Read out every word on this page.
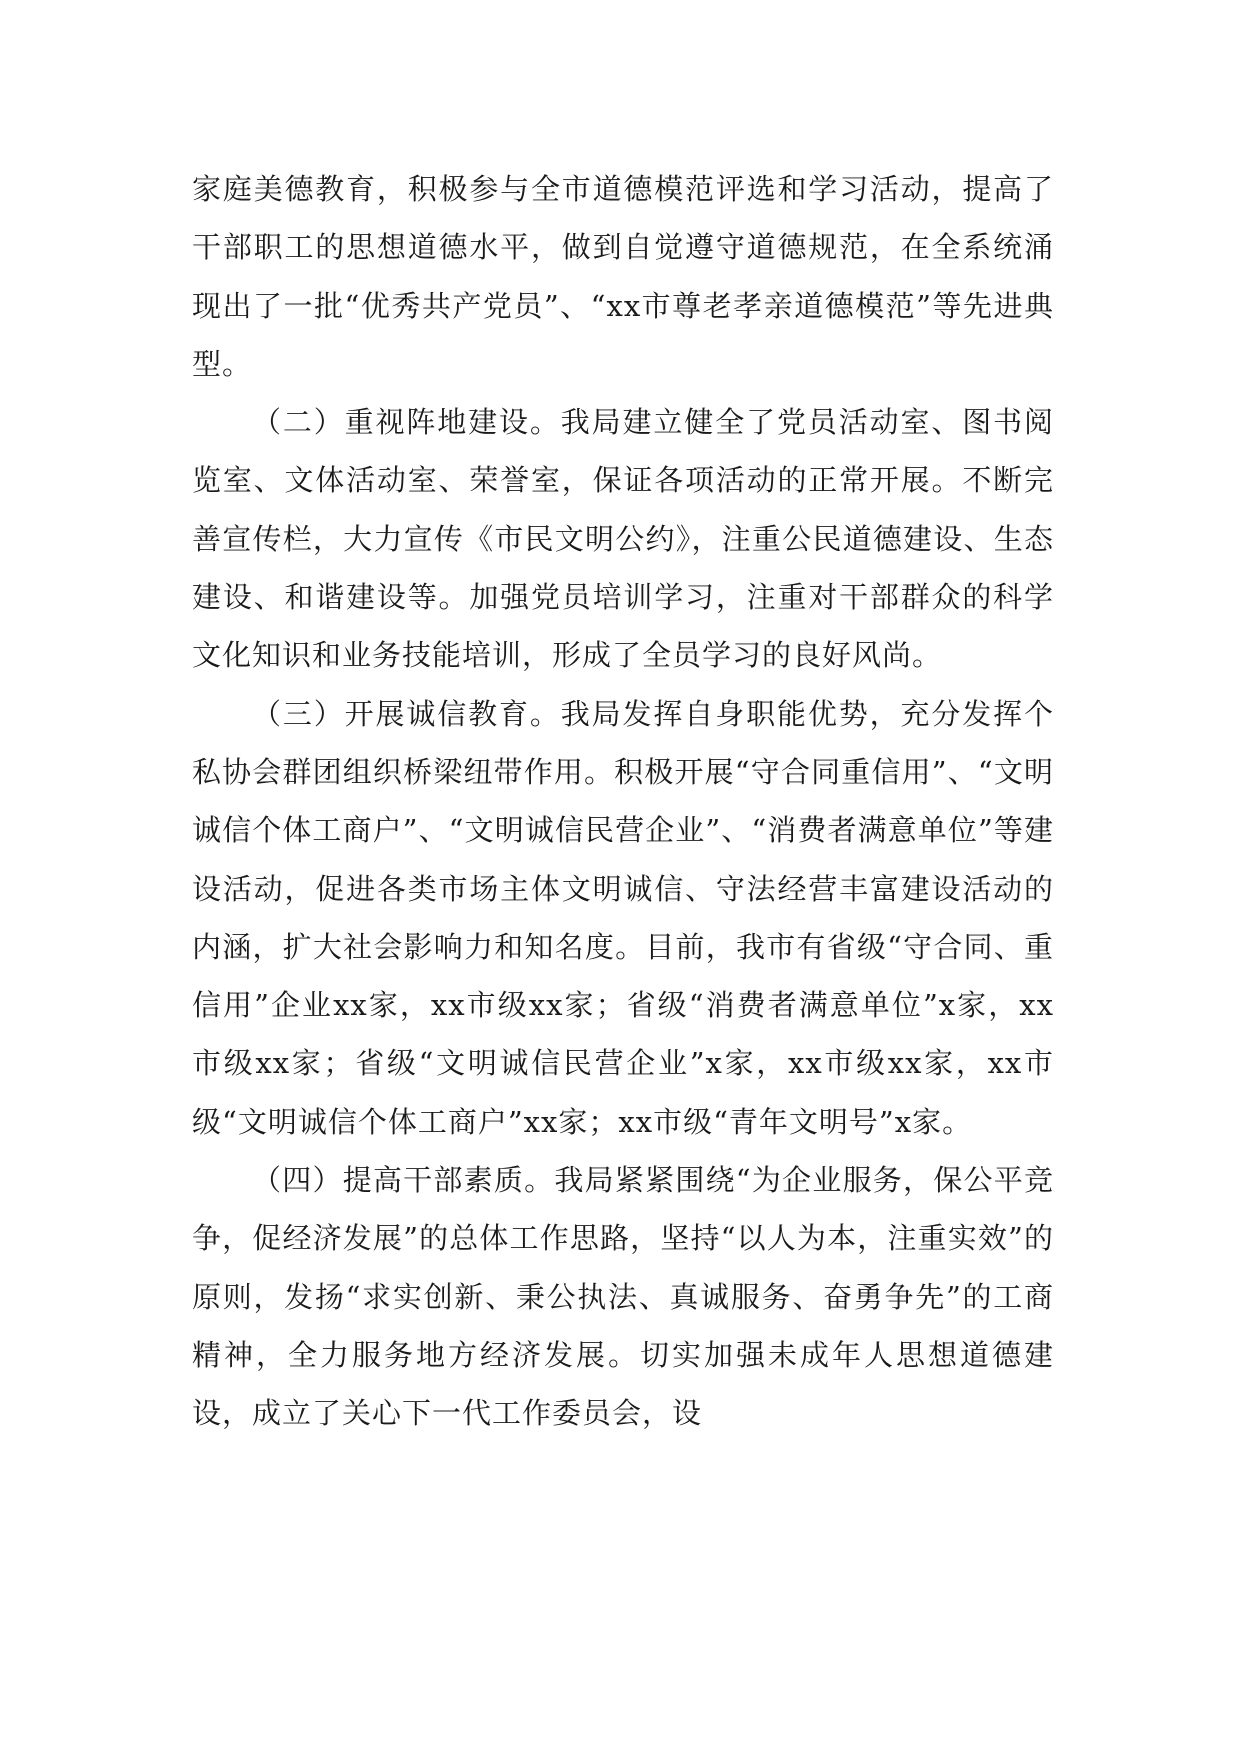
家庭美德教育，积极参与全市道德模范评选和学习活动，提高了干部职工的思想道德水平，做到自觉遵守道德规范，在全系统涌现出了一批“优秀共产党员”、“xx市尊老孝亲道德模范”等先进典型。

（二）重视阵地建设。我局建立健全了党员活动室、图书阅览室、文体活动室、荣誉室，保证各项活动的正常开展。不断完善宣传栏，大力宣传《市民文明公约》，注重公民道德建设、生态建设、和谐建设等。加强党员培训学习，注重对干部群众的科学文化知识和业务技能培训，形成了全员学习的良好风尚。

（三）开展诚信教育。我局发挥自身职能优势，充分发挥个私协会群团组织桥梁纽带作用。积极开展“守合同重信用”、“文明诚信个体工商户”、“文明诚信民营企业”、“消费者满意单位”等建设活动，促进各类市场主体文明诚信、守法经营丰富建设活动的内涵，扩大社会影响力和知名度。目前，我市有省级“守合同、重信用”企业xx家，xx市级xx家；省级“消费者满意单位”x家，xx市级xx家；省级“文明诚信民营企业”x家，xx市级xx家，xx市级“文明诚信个体工商户”xx家；xx市级“青年文明号”x家。

（四）提高干部素质。我局紧紧围绕“为企业服务，保公平竞争，促经济发展”的总体工作思路，坚持“以人为本，注重实效”的原则，发扬“求实创新、秉公执法、真诚服务、奋勇争先”的工商精神，全力服务地方经济发展。切实加强未成年人思想道德建设，成立了关心下一代工作委员会，设
